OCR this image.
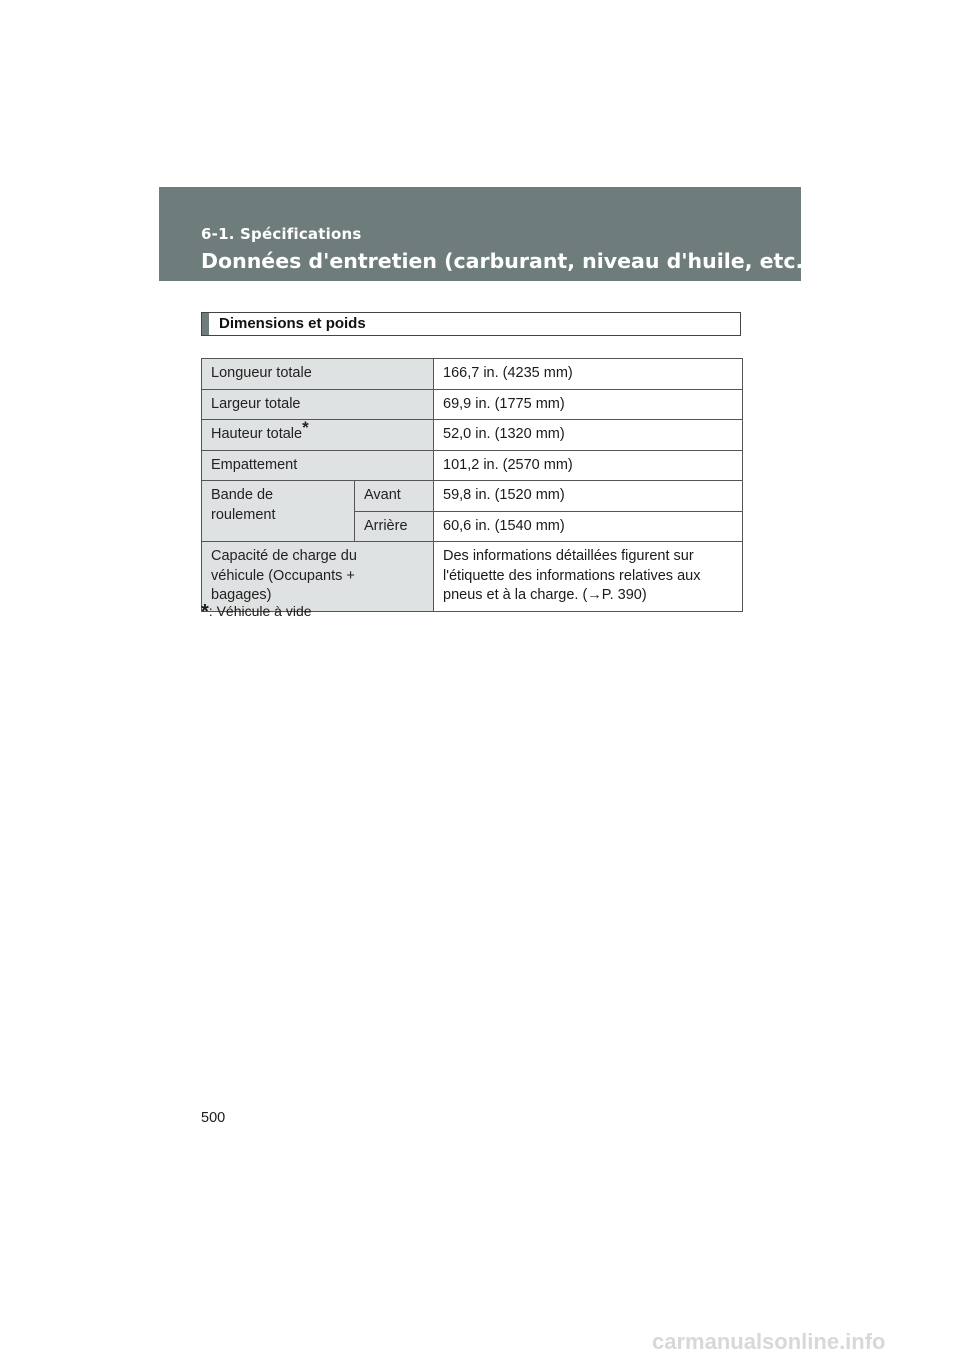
6-1. Spécifications
Données d'entretien (carburant, niveau d'huile, etc.)
Dimensions et poids
Longueur totale		166,7 in. (4235 mm)
Largeur totale		69,9 in. (1775 mm)
Hauteur totale*		52,0 in. (1320 mm)
Empattement		101,2 in. (2570 mm)

Bande de roulement	Avant	59,8 in. (1520 mm)
	Arrière	60,6 in. (1540 mm)

Capacité de charge du véhicule (Occupants + bagages)		Des informations détaillées figurent sur l'étiquette des informations relatives aux pneus et à la charge. (→P. 390)
*: Véhicule à vide
500
carmanualsonline.info
